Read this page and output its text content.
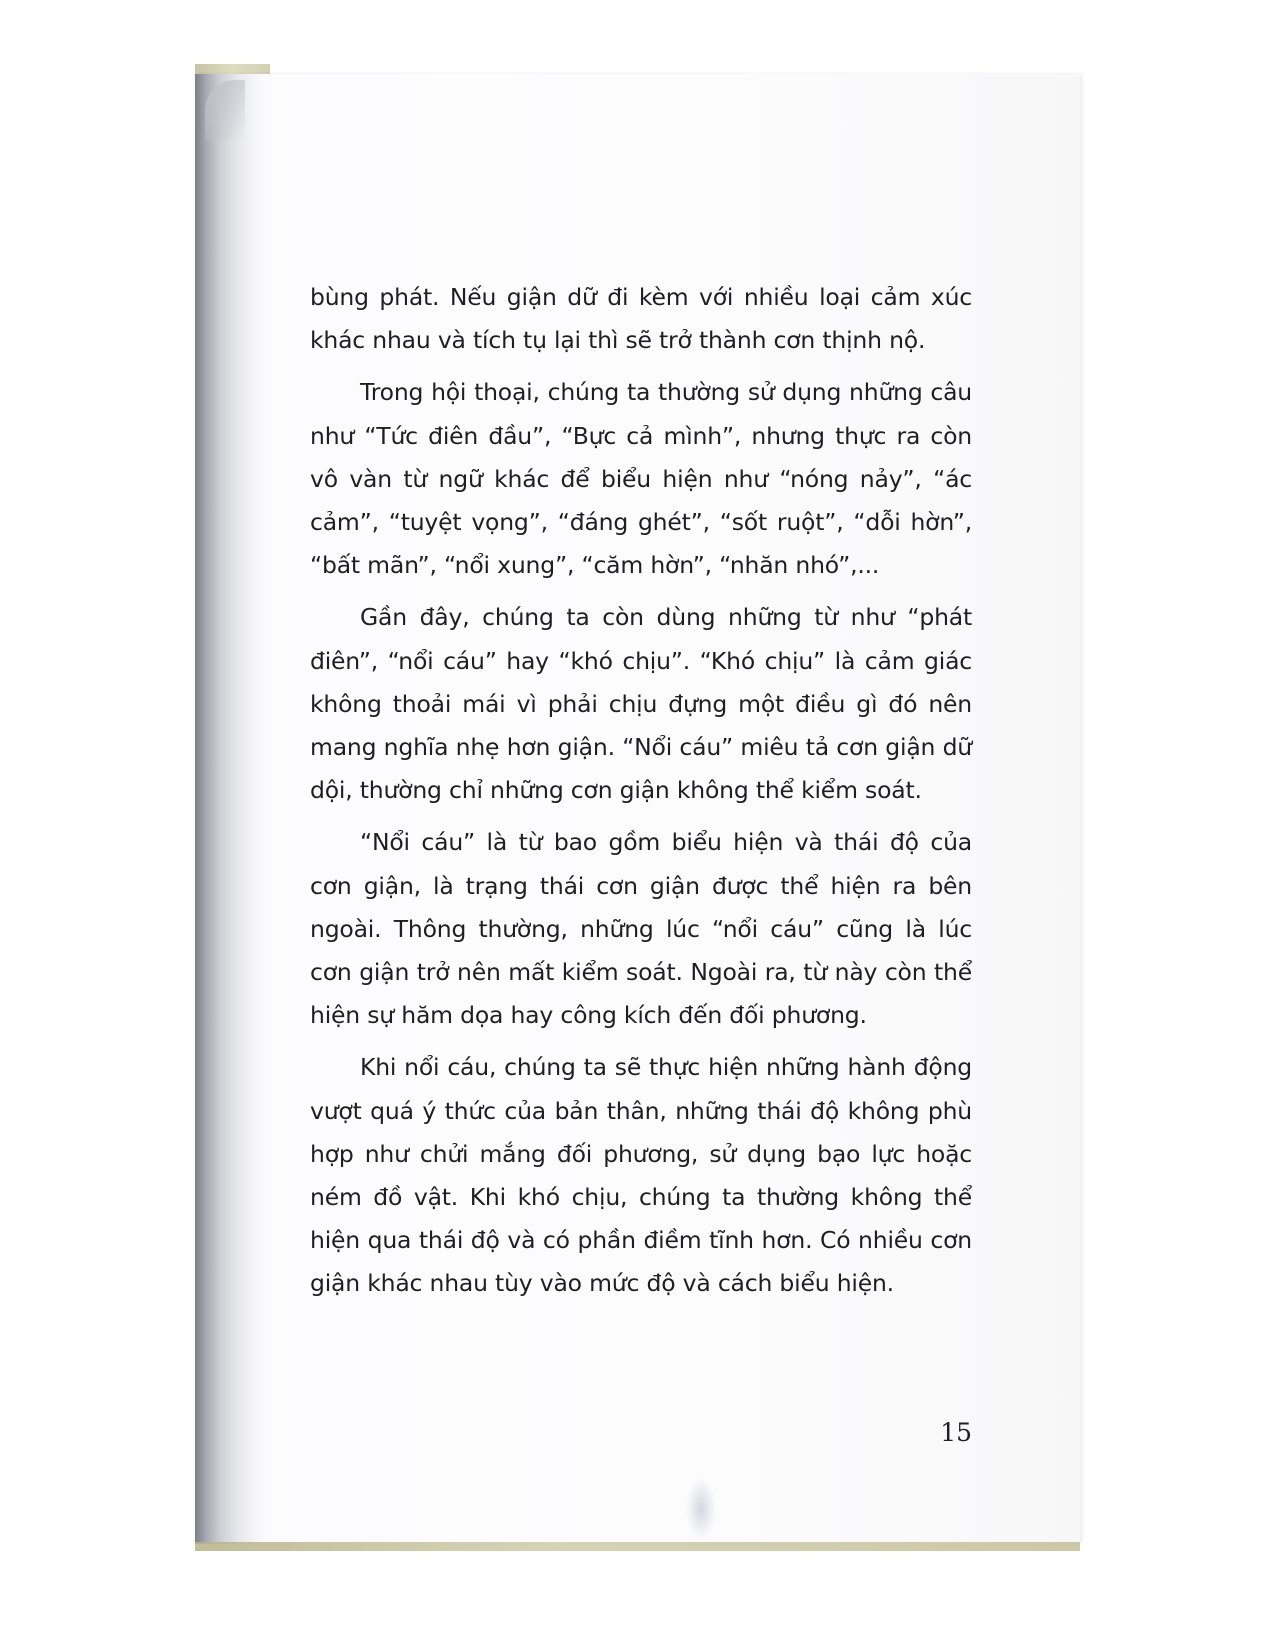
bùng phát. Nếu giận dữ đi kèm với nhiều loại cảm xúc khác nhau và tích tụ lại thì sẽ trở thành cơn thịnh nộ.

Trong hội thoại, chúng ta thường sử dụng những câu như “Tức điên đầu”, “Bực cả mình”, nhưng thực ra còn vô vàn từ ngữ khác để biểu hiện như “nóng nảy”, “ác cảm”, “tuyệt vọng”, “đáng ghét”, “sốt ruột”, “dỗi hờn”, “bất mãn”, “nổi xung”, “căm hờn”, “nhăn nhó”,...

Gần đây, chúng ta còn dùng những từ như “phát điên”, “nổi cáu” hay “khó chịu”. “Khó chịu” là cảm giác không thoải mái vì phải chịu đựng một điều gì đó nên mang nghĩa nhẹ hơn giận. “Nổi cáu” miêu tả cơn giận dữ dội, thường chỉ những cơn giận không thể kiểm soát.

“Nổi cáu” là từ bao gồm biểu hiện và thái độ của cơn giận, là trạng thái cơn giận được thể hiện ra bên ngoài. Thông thường, những lúc “nổi cáu” cũng là lúc cơn giận trở nên mất kiểm soát. Ngoài ra, từ này còn thể hiện sự hăm dọa hay công kích đến đối phương.

Khi nổi cáu, chúng ta sẽ thực hiện những hành động vượt quá ý thức của bản thân, những thái độ không phù hợp như chửi mắng đối phương, sử dụng bạo lực hoặc ném đồ vật. Khi khó chịu, chúng ta thường không thể hiện qua thái độ và có phần điềm tĩnh hơn. Có nhiều cơn giận khác nhau tùy vào mức độ và cách biểu hiện.

15
